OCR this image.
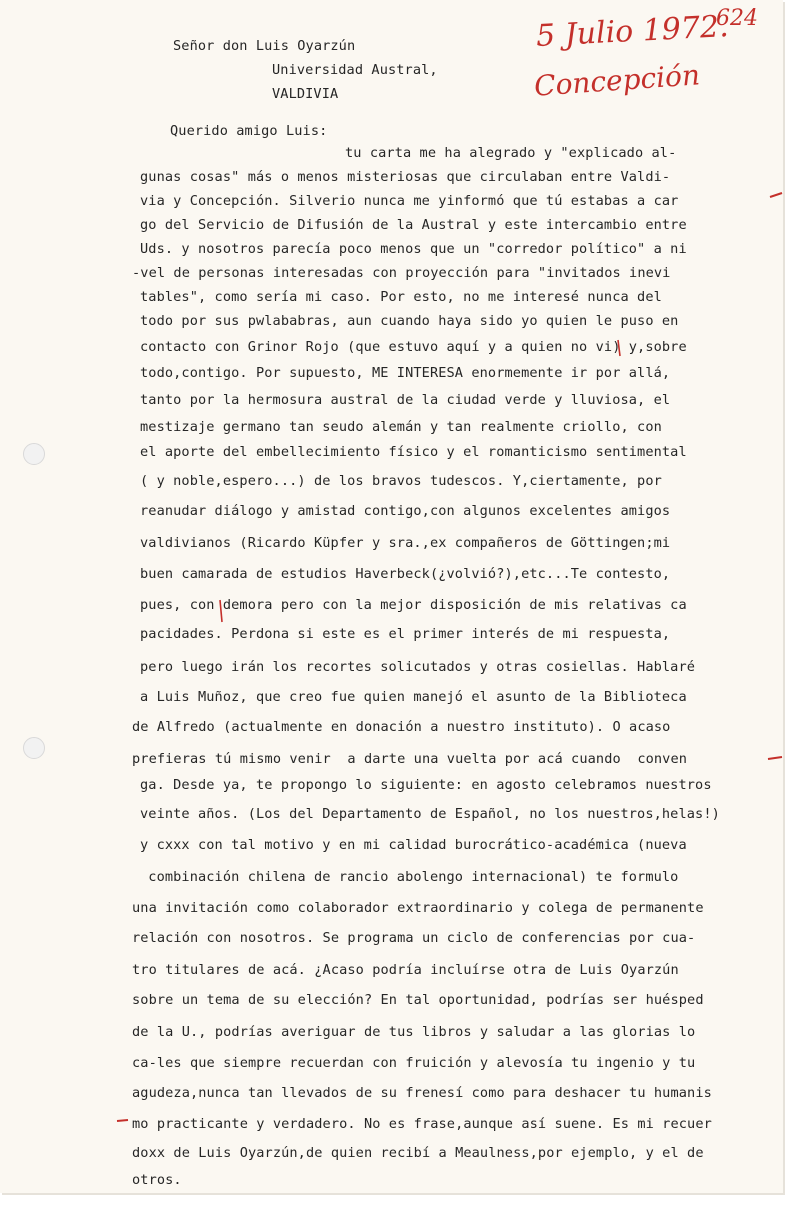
Señor don Luis Oyarzún
Universidad Austral,
VALDIVIA
5 Julio 1972.
624
Concepción
Querido amigo Luis:
tu carta me ha alegrado y "explicado al-
gunas cosas" más o menos misteriosas que circulaban entre Valdi-
via y Concepción. Silverio nunca me yinformó que tú estabas a car
go del Servicio de Difusión de la Austral y este intercambio entre
Uds. y nosotros parecía poco menos que un "corredor político" a ni
-vel de personas interesadas con proyección para "invitados inevi
tables", como sería mi caso. Por esto, no me interesé nunca del
todo por sus pwlababras, aun cuando haya sido yo quien le puso en
contacto con Grinor Rojo (que estuvo aquí y a quien no vi) y,sobre
todo,contigo. Por supuesto, ME INTERESA enormemente ir por allá,
tanto por la hermosura austral de la ciudad verde y lluviosa, el
mestizaje germano tan seudo alemán y tan realmente criollo, con
el aporte del embellecimiento físico y el romanticismo sentimental
( y noble,espero...) de los bravos tudescos. Y,ciertamente, por
reanudar diálogo y amistad contigo,con algunos excelentes amigos
valdivianos (Ricardo Küpfer y sra.,ex compañeros de Göttingen;mi
buen camarada de estudios Haverbeck(¿volvió?),etc...Te contesto,
pues, con demora pero con la mejor disposición de mis relativas ca
pacidades. Perdona si este es el primer interés de mi respuesta,
pero luego irán los recortes solicutados y otras cosiellas. Hablaré
a Luis Muñoz, que creo fue quien manejó el asunto de la Biblioteca
de Alfredo (actualmente en donación a nuestro instituto). O acaso
prefieras tú mismo venir  a darte una vuelta por acá cuando  conven
ga. Desde ya, te propongo lo siguiente: en agosto celebramos nuestros
veinte años. (Los del Departamento de Español, no los nuestros,helas!)
y cxxx con tal motivo y en mi calidad burocrático-académica (nueva
combinación chilena de rancio abolengo internacional) te formulo
una invitación como colaborador extraordinario y colega de permanente
relación con nosotros. Se programa un ciclo de conferencias por cua-
tro titulares de acá. ¿Acaso podría incluírse otra de Luis Oyarzún
sobre un tema de su elección? En tal oportunidad, podrías ser huésped
de la U., podrías averiguar de tus libros y saludar a las glorias lo
ca-les que siempre recuerdan con fruición y alevosía tu ingenio y tu
agudeza,nunca tan llevados de su frenesí como para deshacer tu humanis
mo practicante y verdadero. No es frase,aunque así suene. Es mi recuer
doxx de Luis Oyarzún,de quien recibí a Meaulness,por ejemplo, y el de
otros.
